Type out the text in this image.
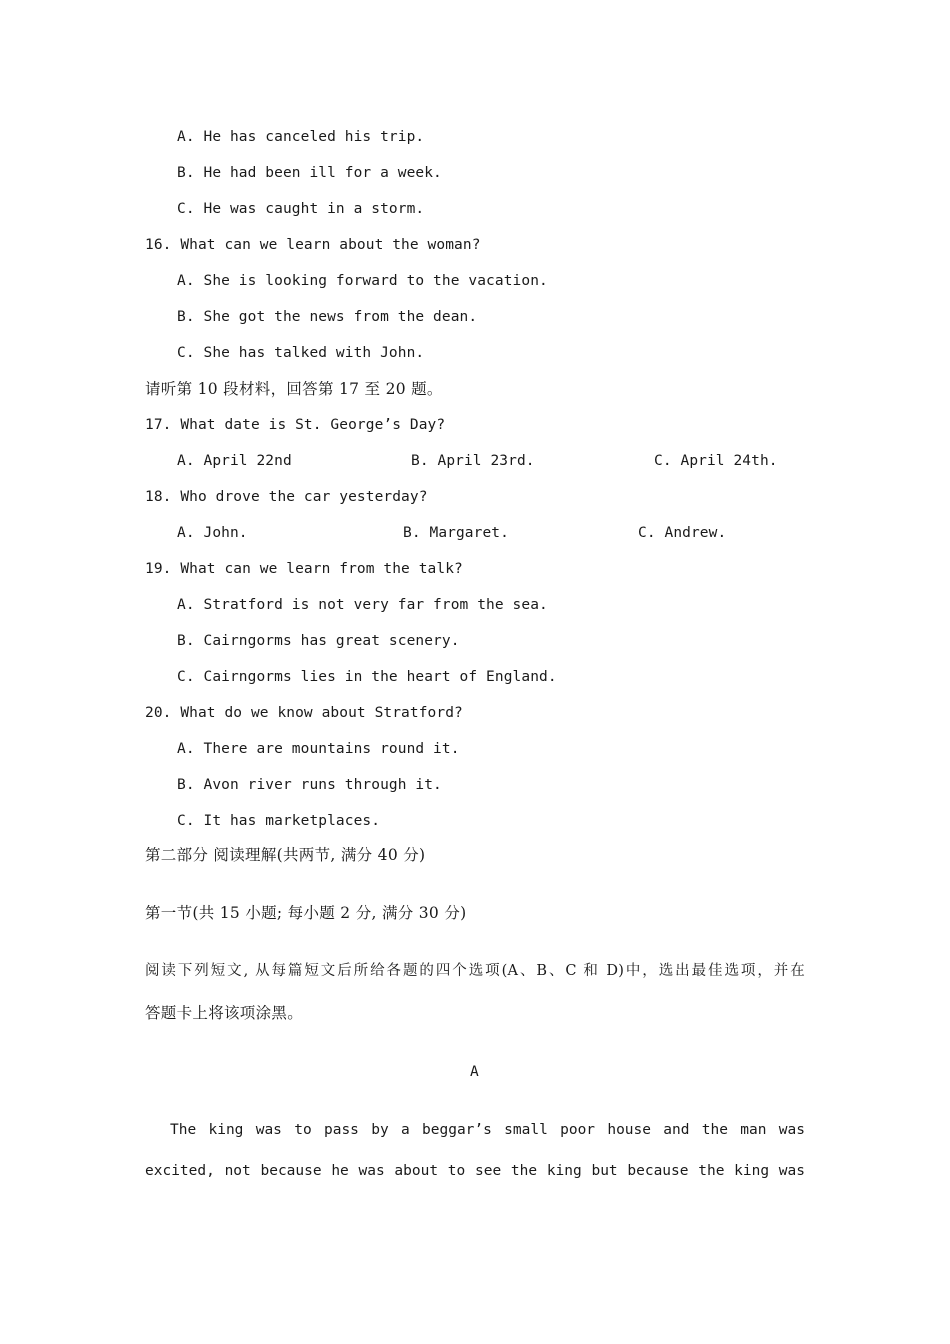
A. He has canceled his trip.

B. He had been ill for a week.

C. He was caught in a storm.

16. What can we learn about the woman?

A. She is looking forward to the vacation.

B. She got the news from the dean.

C. She has talked with John.

请听第 10 段材料，回答第 17 至 20 题。

17. What date is St. George’s Day?

A. April 22nd	B. April 23rd.	C. April 24th.

18. Who drove the car yesterday?

A. John.	B. Margaret.	C. Andrew.

19. What can we learn from the talk?

A. Stratford is not very far from the sea.

B. Cairngorms has great scenery.

C. Cairngorms lies in the heart of England.

20. What do we know about Stratford?

A. There are mountains round it.

B. Avon river runs through it.

C. It has marketplaces.

第二部分 阅读理解(共两节, 满分 40 分)

第一节(共 15 小题; 每小题 2 分, 满分 30 分)

阅读下列短文, 从每篇短文后所给各题的四个选项(A、B、C 和 D)中，选出最佳选项，并在

答题卡上将该项涂黑。

A

The king was to pass by a beggar’s small poor house and the man was

excited, not because he was about to see the king but because the king was
